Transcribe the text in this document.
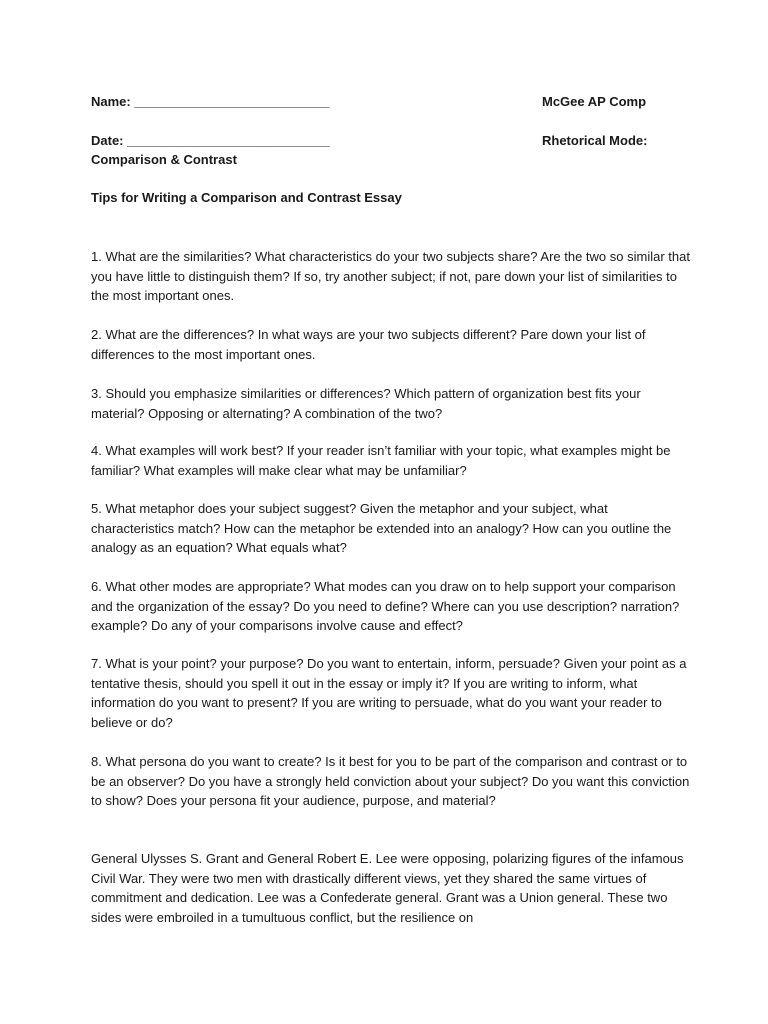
Name: ___________________________	McGee AP Comp
Date: ____________________________	Rhetorical Mode:
Comparison & Contrast
Tips for Writing a Comparison and Contrast Essay
1. What are the similarities? What characteristics do your two subjects share? Are the two so similar that you have little to distinguish them? If so, try another subject; if not, pare down your list of similarities to the most important ones.
2. What are the differences? In what ways are your two subjects different? Pare down your list of differences to the most important ones.
3. Should you emphasize similarities or differences? Which pattern of organization best fits your material? Opposing or alternating? A combination of the two?
4. What examples will work best? If your reader isn’t familiar with your topic, what examples might be familiar? What examples will make clear what may be unfamiliar?
5. What metaphor does your subject suggest? Given the metaphor and your subject, what characteristics match? How can the metaphor be extended into an analogy? How can you outline the analogy as an equation? What equals what?
6. What other modes are appropriate? What modes can you draw on to help support your comparison and the organization of the essay? Do you need to define? Where can you use description? narration? example? Do any of your comparisons involve cause and effect?
7. What is your point? your purpose? Do you want to entertain, inform, persuade? Given your point as a tentative thesis, should you spell it out in the essay or imply it? If you are writing to inform, what information do you want to present? If you are writing to persuade, what do you want your reader to believe or do?
8. What persona do you want to create? Is it best for you to be part of the comparison and contrast or to be an observer? Do you have a strongly held conviction about your subject? Do you want this conviction to show? Does your persona fit your audience, purpose, and material?
General Ulysses S. Grant and General Robert E. Lee were opposing, polarizing figures of the infamous Civil War. They were two men with drastically different views, yet they shared the same virtues of commitment and dedication. Lee was a Confederate general. Grant was a Union general. These two sides were embroiled in a tumultuous conflict, but the resilience on
